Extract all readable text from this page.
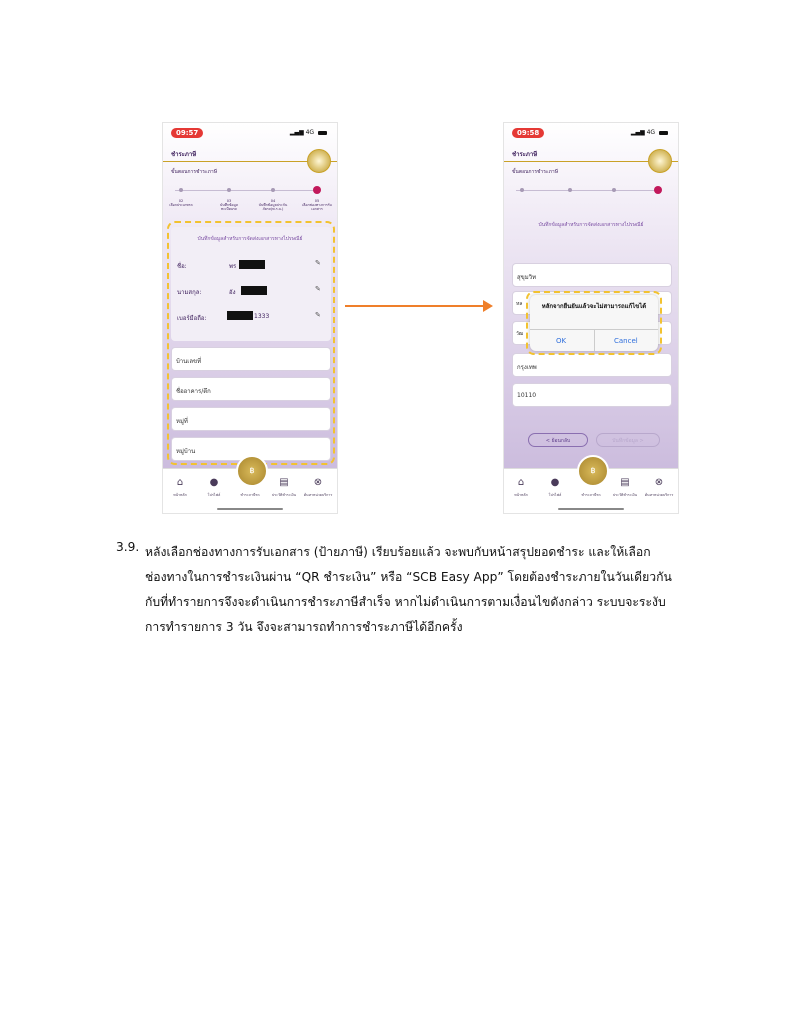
09:57	▂▄▆ 4G
ชำระภาษี
ขั้นตอนการชำระภาษี
02
เลือกประเภทรถ
03
บันทึกข้อมูลทะเบียนรถ
04
บันทึกข้อมูลประกันภัยรถ(พ.ร.บ.)
05
เลือกช่องทางการรับเอกสาร
บันทึกข้อมูลสำหรับการจัดส่งเอกสารทางไปรษณีย์
ชื่อ:	พร	✎
นามสกุล:	อัง	✎
เบอร์มือถือ:	1333	✎
บ้านเลขที่
ชื่ออาคาร/ตึก
หมู่ที่
หมู่บ้าน
⌂
หน้าหลัก
●
โปรไฟล์	ชำระภาษีรถ
▤
ประวัติชำระเงิน
⊗
ค้นหาหน่วยบริการ
฿
09:58	▂▄▆ 4G
ชำระภาษี
ขั้นตอนการชำระภาษี
บันทึกข้อมูลสำหรับการจัดส่งเอกสารทางไปรษณีย์
สุขุมวิท
หล
วัฒ
กรุงเทพ
10110
หลักจากยืนยันแล้วจะไม่สามารถแก้ไขได้
OK	Cancel
< ย้อนกลับ	บันทึกข้อมูล >
⌂
หน้าหลัก
●
โปรไฟล์	ชำระภาษีรถ
▤
ประวัติชำระเงิน
⊗
ค้นหาหน่วยบริการ
฿
3.9. หลังเลือกช่องทางการรับเอกสาร (ป้ายภาษี) เรียบร้อยแล้ว จะพบกับหน้าสรุปยอดชำระ และให้เลือก
ช่องทางในการชำระเงินผ่าน “QR ชำระเงิน” หรือ “SCB Easy App” โดยต้องชำระภายในวันเดียวกัน
กับที่ทำรายการจึงจะดำเนินการชำระภาษีสำเร็จ หากไม่ดำเนินการตามเงื่อนไขดังกล่าว ระบบจะระงับ
การทำรายการ 3 วัน จึงจะสามารถทำการชำระภาษีได้อีกครั้ง
